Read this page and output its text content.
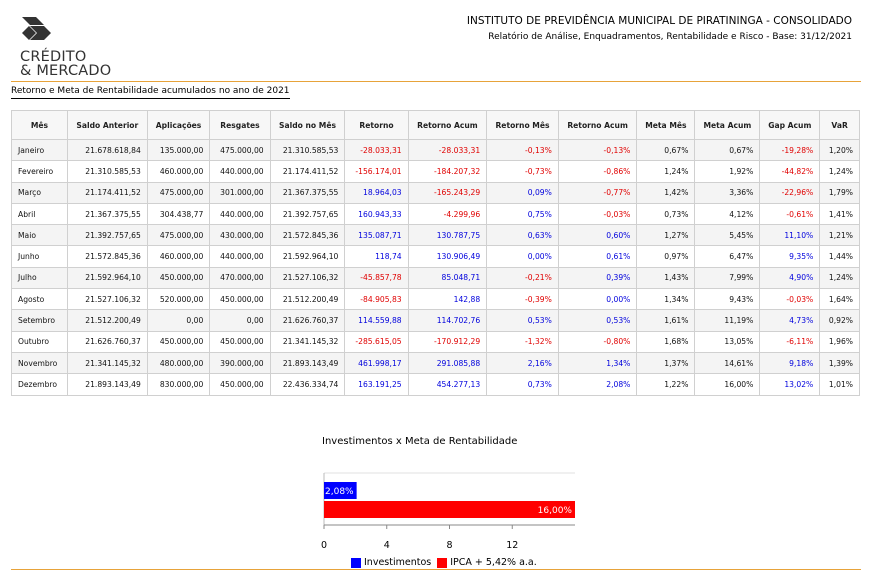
CRÉDITO
& MERCADO
INSTITUTO DE PREVIDÊNCIA MUNICIPAL DE PIRATININGA - CONSOLIDADO
Relatório de Análise, Enquadramentos, Rentabilidade e Risco - Base: 31/12/2021
Retorno e Meta de Rentabilidade acumulados no ano de 2021
Mês	Saldo Anterior	Aplicações	Resgates	Saldo no Mês	Retorno	Retorno Acum	Retorno Mês	Retorno Acum	Meta Mês	Meta Acum	Gap Acum	VaR
Janeiro	21.678.618,84	135.000,00	475.000,00	21.310.585,53	-28.033,31	-28.033,31	-0,13%	-0,13%	0,67%	0,67%	-19,28%	1,20%
Fevereiro	21.310.585,53	460.000,00	440.000,00	21.174.411,52	-156.174,01	-184.207,32	-0,73%	-0,86%	1,24%	1,92%	-44,82%	1,24%
Março	21.174.411,52	475.000,00	301.000,00	21.367.375,55	18.964,03	-165.243,29	0,09%	-0,77%	1,42%	3,36%	-22,96%	1,79%
Abril	21.367.375,55	304.438,77	440.000,00	21.392.757,65	160.943,33	-4.299,96	0,75%	-0,03%	0,73%	4,12%	-0,61%	1,41%
Maio	21.392.757,65	475.000,00	430.000,00	21.572.845,36	135.087,71	130.787,75	0,63%	0,60%	1,27%	5,45%	11,10%	1,21%
Junho	21.572.845,36	460.000,00	440.000,00	21.592.964,10	118,74	130.906,49	0,00%	0,61%	0,97%	6,47%	9,35%	1,44%
Julho	21.592.964,10	450.000,00	470.000,00	21.527.106,32	-45.857,78	85.048,71	-0,21%	0,39%	1,43%	7,99%	4,90%	1,24%
Agosto	21.527.106,32	520.000,00	450.000,00	21.512.200,49	-84.905,83	142,88	-0,39%	0,00%	1,34%	9,43%	-0,03%	1,64%
Setembro	21.512.200,49	0,00	0,00	21.626.760,37	114.559,88	114.702,76	0,53%	0,53%	1,61%	11,19%	4,73%	0,92%
Outubro	21.626.760,37	450.000,00	450.000,00	21.341.145,32	-285.615,05	-170.912,29	-1,32%	-0,80%	1,68%	13,05%	-6,11%	1,96%
Novembro	21.341.145,32	480.000,00	390.000,00	21.893.143,49	461.998,17	291.085,88	2,16%	1,34%	1,37%	14,61%	9,18%	1,39%
Dezembro	21.893.143,49	830.000,00	450.000,00	22.436.334,74	163.191,25	454.277,13	0,73%	2,08%	1,22%	16,00%	13,02%	1,01%
Investimentos x Meta de Rentabilidade
2,08%
16,00%
0	4	8	12
Investimentos IPCA + 5,42% a.a.
